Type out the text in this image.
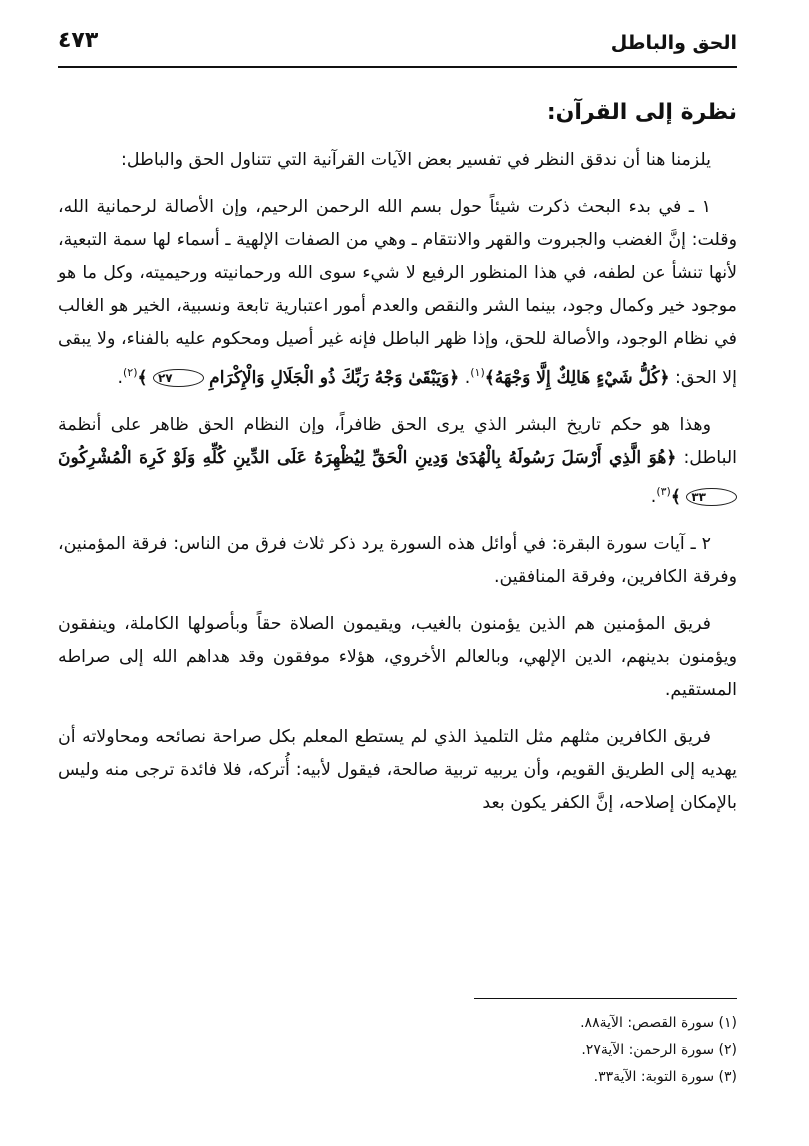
الحق والباطل
٤٧٣
نظرة إلى القرآن:

يلزمنا هنا أن ندقق النظر في تفسير بعض الآيات القرآنية التي تتناول الحق والباطل:

١ ـ في بدء البحث ذكرت شيئاً حول بسم الله الرحمن الرحيم، وإن الأصالة لرحمانية الله، وقلت: إنَّ الغضب والجبروت والقهر والانتقام ـ وهي من الصفات الإلهية ـ أسماء لها سمة التبعية، لأنها تنشأ عن لطفه، في هذا المنظور الرفيع لا شيء سوى الله ورحمانيته ورحيميته، وكل ما هو موجود خير وكمال وجود، بينما الشر والنقص والعدم أمور اعتبارية تابعة ونسبية، الخير هو الغالب في نظام الوجود، والأصالة للحق، وإذا ظهر الباطل فإنه غير أصيل ومحكوم عليه بالفناء، ولا يبقى إلا الحق: ﴿كُلُّ شَيْءٍ هَالِكٌ إِلَّا وَجْهَهُ﴾$^{(١)}$. ﴿وَيَبْقَىٰ وَجْهُ رَبِّكَ ذُو الْجَلَالِ وَالْإِكْرَامِ ٢٧ ﴾$^{(٢)}$.

وهذا هو حكم تاريخ البشر الذي يرى الحق ظافراً، وإن النظام الحق ظاهر على أنظمة الباطل: ﴿هُوَ الَّذِي أَرْسَلَ رَسُولَهُ بِالْهُدَىٰ وَدِينِ الْحَقِّ لِيُظْهِرَهُ عَلَى الدِّينِ كُلِّهِ وَلَوْ كَرِهَ الْمُشْرِكُونَ ٣٣ ﴾$^{(٣)}$.

٢ ـ آيات سورة البقرة: في أوائل هذه السورة يرد ذكر ثلاث فرق من الناس: فرقة المؤمنين، وفرقة الكافرين، وفرقة المنافقين.

فريق المؤمنين هم الذين يؤمنون بالغيب، ويقيمون الصلاة حقاً وبأصولها الكاملة، وينفقون ويؤمنون بدينهم، الدين الإلهي، وبالعالم الأخروي، هؤلاء موفقون وقد هداهم الله إلى صراطه المستقيم.

فريق الكافرين مثلهم مثل التلميذ الذي لم يستطع المعلم بكل صراحة نصائحه ومحاولاته أن يهديه إلى الطريق القويم، وأن يربيه تربية صالحة، فيقول لأبيه: أُتركه، فلا فائدة ترجى منه وليس بالإمكان إصلاحه، إنَّ الكفر يكون بعد

(١) سورة القصص: الآية٨٨.
(٢) سورة الرحمن: الآية٢٧.
(٣) سورة التوبة: الآية٣٣.
